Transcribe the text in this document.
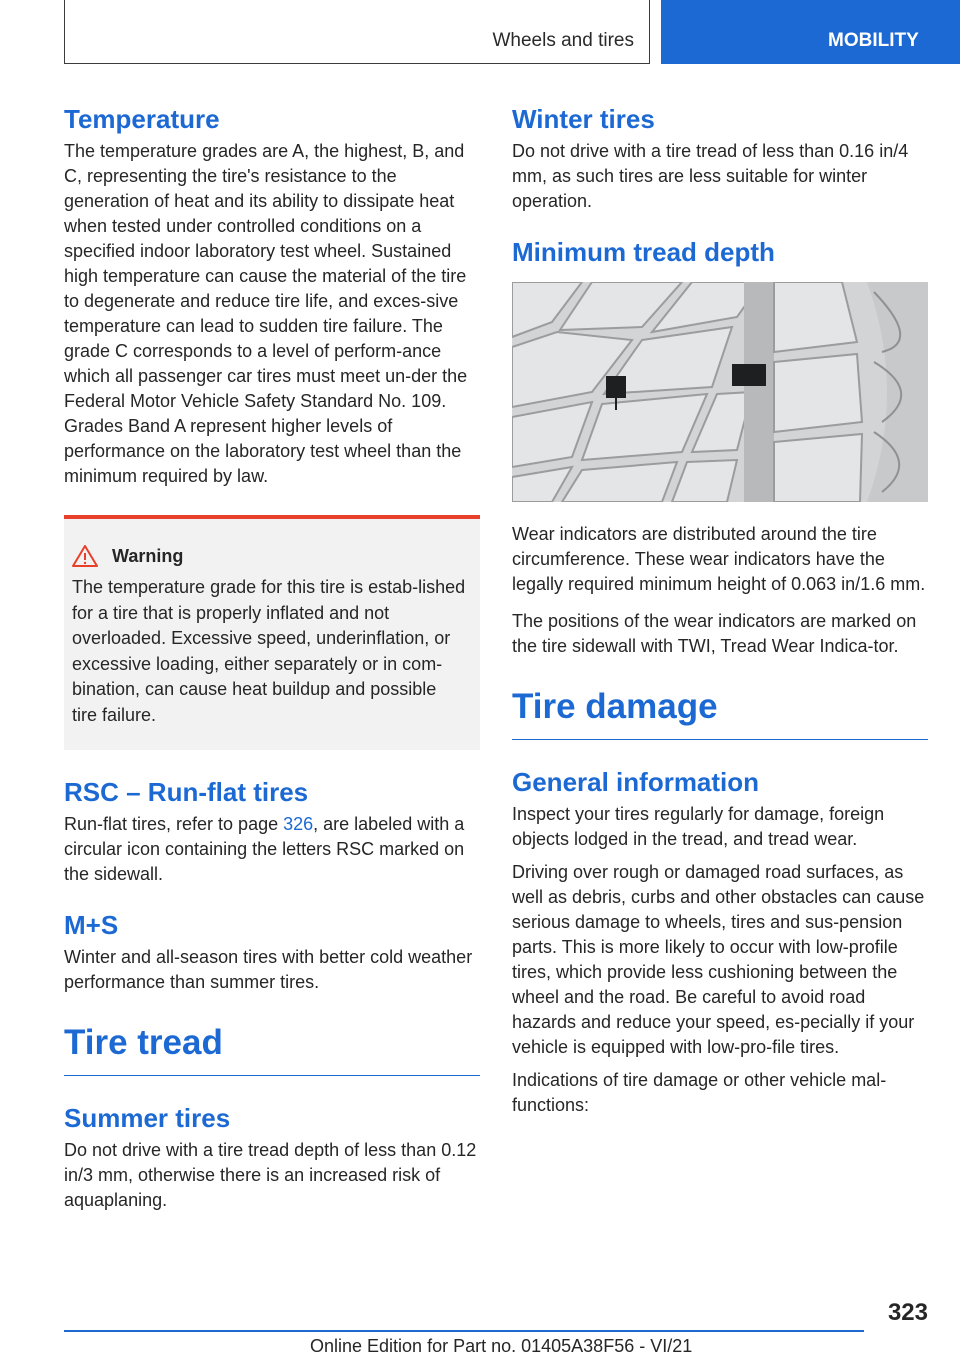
Wheels and tires	MOBILITY
Temperature

The temperature grades are A, the highest, B, and C, representing the tire's resistance to the generation of heat and its ability to dissipate heat when tested under controlled conditions on a specified indoor laboratory test wheel. Sustained high temperature can cause the material of the tire to degenerate and reduce tire life, and exces-sive temperature can lead to sudden tire failure. The grade C corresponds to a level of perform-ance which all passenger car tires must meet un-der the Federal Motor Vehicle Safety Standard No. 109. Grades Band A represent higher levels of performance on the laboratory test wheel than the minimum required by law.

Warning

The temperature grade for this tire is estab-lished for a tire that is properly inflated and not overloaded. Excessive speed, underinflation, or excessive loading, either separately or in com-bination, can cause heat buildup and possible tire failure.

RSC – Run‑flat tires

Run‑flat tires, refer to page 326, are labeled with a circular icon containing the letters RSC marked on the sidewall.

M+S

Winter and all-season tires with better cold weather performance than summer tires.

Tire tread
Summer tires

Do not drive with a tire tread depth of less than 0.12 in/3 mm, otherwise there is an increased risk of aquaplaning.

Winter tires

Do not drive with a tire tread of less than 0.16 in/4 mm, as such tires are less suitable for winter operation.

Minimum tread depth

Wear indicators are distributed around the tire circumference. These wear indicators have the legally required minimum height of 0.063 in/1.6 mm.

The positions of the wear indicators are marked on the tire sidewall with TWI, Tread Wear Indica-tor.

Tire damage
General information

Inspect your tires regularly for damage, foreign objects lodged in the tread, and tread wear.

Driving over rough or damaged road surfaces, as well as debris, curbs and other obstacles can cause serious damage to wheels, tires and sus-pension parts. This is more likely to occur with low-profile tires, which provide less cushioning between the wheel and the road. Be careful to avoid road hazards and reduce your speed, es-pecially if your vehicle is equipped with low-pro-file tires.

Indications of tire damage or other vehicle mal-functions:

323
Online Edition for Part no. 01405A38F56 - VI/21
